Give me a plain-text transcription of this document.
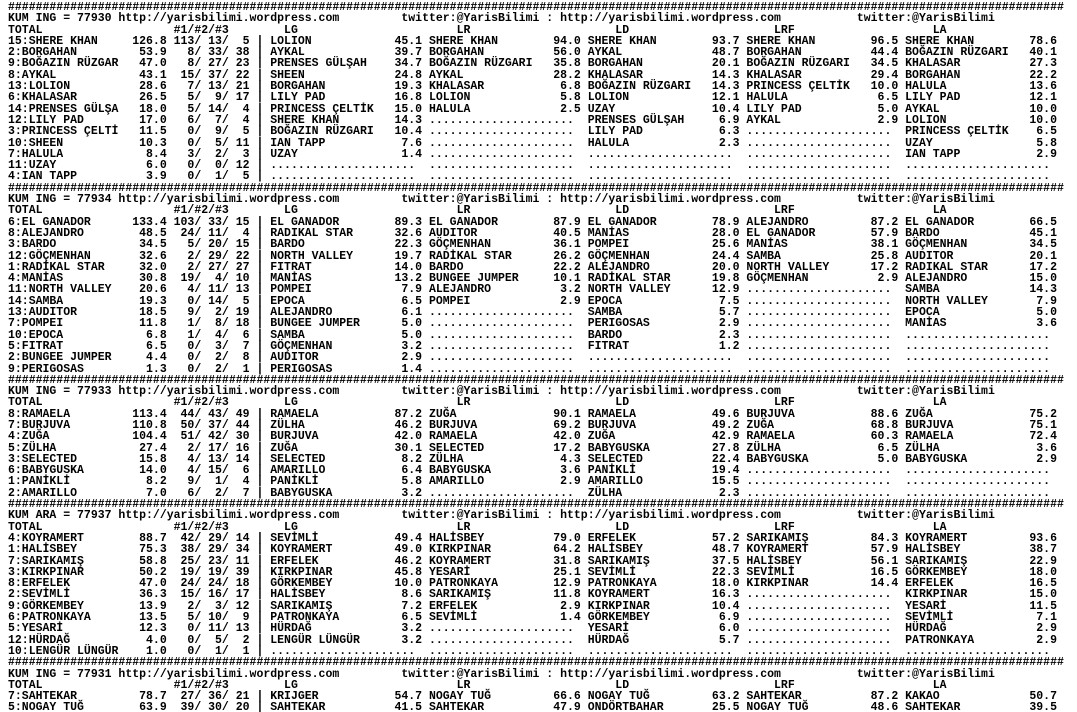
#########################################################################################################################################################
KUM ING = 77930 http://yarisbilimi.wordpress.com         twitter:@YarisBilimi : http://yarisbilimi.wordpress.com           twitter:@YarisBilimi
TOTAL                   #1/#2/#3        LG                       LR                     LD                     LRF                    LA
15:SHERE KHAN     126.8 113/ 13/  5 | LOLION            45.1 SHERE KHAN        94.0 SHERE KHAN        93.7 SHERE KHAN        96.5 SHERE KHAN        78.6
2:BORGAHAN         53.9   8/ 33/ 38 | AYKAL             39.7 BORGAHAN          56.0 AYKAL             48.7 BORGAHAN          44.4 BOĞAZIN RÜZGARI   40.1
9:BOĞAZIN RÜZGAR   47.0   8/ 27/ 23 | PRENSES GÜLŞAH    34.7 BOĞAZIN RÜZGARI   35.8 BORGAHAN          20.1 BOĞAZIN RÜZGARI   34.5 KHALASAR          27.3
8:AYKAL            43.1  15/ 37/ 22 | SHEEN             24.8 AYKAL             28.2 KHALASAR          14.3 KHALASAR          29.4 BORGAHAN          22.2
13:LOLION          28.6   7/ 13/ 21 | BORGAHAN          19.3 KHALASAR           6.8 BOĞAZIN RÜZGARI   14.3 PRINCESS ÇELTİK   10.0 HALULA            13.6
6:KHALASAR         26.5   5/  9/ 17 | LILY PAD          16.8 LOLION             5.8 LOLION            12.1 HALULA             6.5 LILY PAD          12.1
14:PRENSES GÜLŞA   18.0   5/ 14/  4 | PRINCESS ÇELTİK   15.0 HALULA             2.5 UZAY              10.4 LILY PAD           5.0 AYKAL             10.0
12:LILY PAD        17.0   6/  7/  4 | SHERE KHAN        14.3 .....................  PRENSES GÜLŞAH     6.9 AYKAL              2.9 LOLION            10.0
3:PRINCESS ÇELTİ   11.5   0/  9/  5 | BOĞAZIN RÜZGARI   10.4 .....................  LILY PAD           6.3 .....................  PRINCESS ÇELTİK    6.5
10:SHEEN           10.3   0/  5/ 11 | IAN TAPP           7.6 .....................  HALULA             2.3 .....................  UZAY               5.8
7:HALULA            8.4   3/  2/  3 | UZAY               1.4 .....................  .....................  .....................  IAN TAPP           2.9
11:UZAY             6.0   0/  0/ 12 | .....................  .....................  .....................  .....................  .....................
4:IAN TAPP          3.9   0/  1/  5 | .....................  .....................  .....................  .....................  .....................
#########################################################################################################################################################
KUM ING = 77934 http://yarisbilimi.wordpress.com         twitter:@YarisBilimi : http://yarisbilimi.wordpress.com           twitter:@YarisBilimi
TOTAL                   #1/#2/#3        LG                       LR                     LD                     LRF                    LA
6:EL GANADOR      133.4 103/ 33/ 15 | EL GANADOR        89.3 EL GANADOR        87.9 EL GANADOR        78.9 ALEJANDRO         87.2 EL GANADOR        66.5
8:ALEJANDRO        48.5  24/ 11/  4 | RADIKAL STAR      32.6 AUDITOR           40.5 MANİAS            28.0 EL GANADOR        57.9 BARDO             45.1
3:BARDO            34.5   5/ 20/ 15 | BARDO             22.3 GÖÇMENHAN         36.1 POMPEI            25.6 MANİAS            38.1 GÖÇMENHAN         34.5
12:GÖÇMENHAN       32.6   2/ 29/ 22 | NORTH VALLEY      19.7 RADİKAL STAR      26.2 GÖÇMENHAN         24.4 SAMBA             25.8 AUDITOR           20.1
1:RADİKAL STAR     32.0   2/ 27/ 27 | FITRAT            14.0 BARDO             22.2 ALEJANDRO         20.0 NORTH VALLEY      17.2 RADIKAL STAR      17.2
4:MANİAS           30.8  19/  4/ 10 | MANİAS            13.2 BUNGEE JUMPER     10.1 RADİKAL STAR      19.8 GÖÇMENHAN          2.9 ALEJANDRO         15.0
11:NORTH VALLEY    20.6   4/ 11/ 13 | POMPEI             7.9 ALEJANDRO          3.2 NORTH VALLEY      12.9 .....................  SAMBA             14.3
14:SAMBA           19.3   0/ 14/  5 | EPOCA              6.5 POMPEI             2.9 EPOCA              7.5 .....................  NORTH VALLEY       7.9
13:AUDITOR         18.5   9/  2/ 19 | ALEJANDRO          6.1 .....................  SAMBA              5.7 .....................  EPOCA              5.0
7:POMPEI           11.8   1/  8/ 18 | BUNGEE JUMPER      5.0 .....................  PERIGOSAS          2.9 .....................  MANİAS             3.6
10:EPOCA            6.8   1/  4/  6 | SAMBA              5.0 .....................  BARDO              2.3 .....................  .....................
5:FITRAT            6.5   0/  3/  7 | GÖÇMENHAN          3.2 .....................  FITRAT             1.2 .....................  .....................
2:BUNGEE JUMPER     4.4   0/  2/  8 | AUDITOR            2.9 .....................  .....................  .....................  .....................
9:PERIGOSAS         1.3   0/  2/  1 | PERIGOSAS          1.4 .....................  .....................  .....................  .....................
#########################################################################################################################################################
KUM ING = 77933 http://yarisbilimi.wordpress.com         twitter:@YarisBilimi : http://yarisbilimi.wordpress.com           twitter:@YarisBilimi
TOTAL                   #1/#2/#3        LG                       LR                     LD                     LRF                    LA
8:RAMAELA         113.4  44/ 43/ 49 | RAMAELA           87.2 ZUĞA              90.1 RAMAELA           49.6 BURJUVA           88.6 ZUĞA              75.2
7:BURJUVA         110.8  50/ 37/ 44 | ZÜLHA             46.2 BURJUVA           69.2 BURJUVA           49.2 ZUĞA              68.8 BURJUVA           75.1
4:ZUĞA            104.4  51/ 42/ 30 | BURJUVA           42.0 RAMAELA           42.0 ZUĞA              42.9 RAMAELA           60.3 RAMAELA           72.4
5:ZÜLHA            27.4   2/ 17/ 16 | ZUĞA              30.1 SELECTED          17.2 BABYGUSKA         27.8 ZÜLHA              6.5 ZÜLHA              3.6
3:SELECTED         15.8   4/ 13/ 14 | SELECTED           8.2 ZÜLHA              4.3 SELECTED          22.4 BABYGUSKA          5.0 BABYGUSKA          2.9
6:BABYGUSKA        14.0   4/ 15/  6 | AMARILLO           6.4 BABYGUSKA          3.6 PANİKLİ           19.4 .....................  .....................
1:PANİKLİ           8.2   9/  1/  4 | PANİKLİ            5.8 AMARILLO           2.9 AMARILLO          15.5 .....................  .....................
2:AMARILLO          7.0   6/  2/  7 | BABYGUSKA          3.2 .....................  ZÜLHA              2.3 .....................  .....................
#########################################################################################################################################################
KUM ARA = 77937 http://yarisbilimi.wordpress.com         twitter:@YarisBilimi : http://yarisbilimi.wordpress.com           twitter:@YarisBilimi
TOTAL                   #1/#2/#3        LG                       LR                     LD                     LRF                    LA
4:KOYRAMERT        88.7  42/ 29/ 14 | SEVİMLİ           49.4 HALİSBEY          79.0 ERFELEK           57.2 SARIKAMIŞ         84.3 KOYRAMERT         93.6
1:HALİSBEY         75.3  38/ 29/ 34 | KOYRAMERT         49.0 KIRKPINAR         64.2 HALİSBEY          48.7 KOYRAMERT         57.9 HALİSBEY          38.7
7:SARIKAMIŞ        58.8  25/ 23/ 11 | ERFELEK           46.2 KOYRAMERT         31.8 SARIKAMIŞ         37.5 HALİSBEY          56.1 SARIKAMIŞ         22.9
3:KIRKPINAR        50.2  19/ 19/ 39 | KIRKPINAR         45.8 YESARİ            25.1 SEVİMLİ           22.3 SEVİMLİ           16.5 GÖRKEMBEY         18.0
8:ERFELEK          47.0  24/ 24/ 18 | GÖRKEMBEY         10.0 PATRONKAYA        12.9 PATRONKAYA        18.0 KIRKPINAR         14.4 ERFELEK           16.5
2:SEVİMLİ          36.3  15/ 16/ 17 | HALİSBEY           8.6 SARIKAMIŞ         11.8 KOYRAMERT         16.3 .....................  KIRKPINAR         15.0
9:GÖRKEMBEY        13.9   2/  3/ 12 | SARIKAMIŞ          7.2 ERFELEK            2.9 KIRKPINAR         10.4 .....................  YESARİ            11.5
6:PATRONKAYA       13.5   5/ 10/  9 | PATRONKAYA         6.5 SEVİMLİ            1.4 GÖRKEMBEY          6.9 .....................  SEVİMLİ            7.1
5:YESARİ           12.3   0/ 11/ 13 | HÜRDAĞ             3.2 .....................  YESARİ             6.0 .....................  HÜRDAĞ             2.9
12:HÜRDAĞ           4.0   0/  5/  2 | LENGÜR LÜNGÜR      3.2 .....................  HÜRDAĞ             5.7 .....................  PATRONKAYA         2.9
10:LENGÜR LÜNGÜR    1.0   0/  1/  1 | .....................  .....................  .....................  .....................  .....................
#########################################################################################################################################################
KUM ING = 77931 http://yarisbilimi.wordpress.com         twitter:@YarisBilimi : http://yarisbilimi.wordpress.com           twitter:@YarisBilimi
TOTAL                   #1/#2/#3        LG                       LR                     LD                     LRF                    LA
7:SAHTEKAR         78.7  27/ 36/ 21 | KRIJGER           54.7 NOGAY TUĞ         66.6 NOGAY TUĞ         63.2 SAHTEKAR          87.2 KAKAO             50.7
5:NOGAY TUĞ        63.9  39/ 30/ 20 | SAHTEKAR          41.5 SAHTEKAR          47.9 ONDÖRTBAHAR       25.5 NOGAY TUĞ         48.6 SAHTEKAR          39.5
